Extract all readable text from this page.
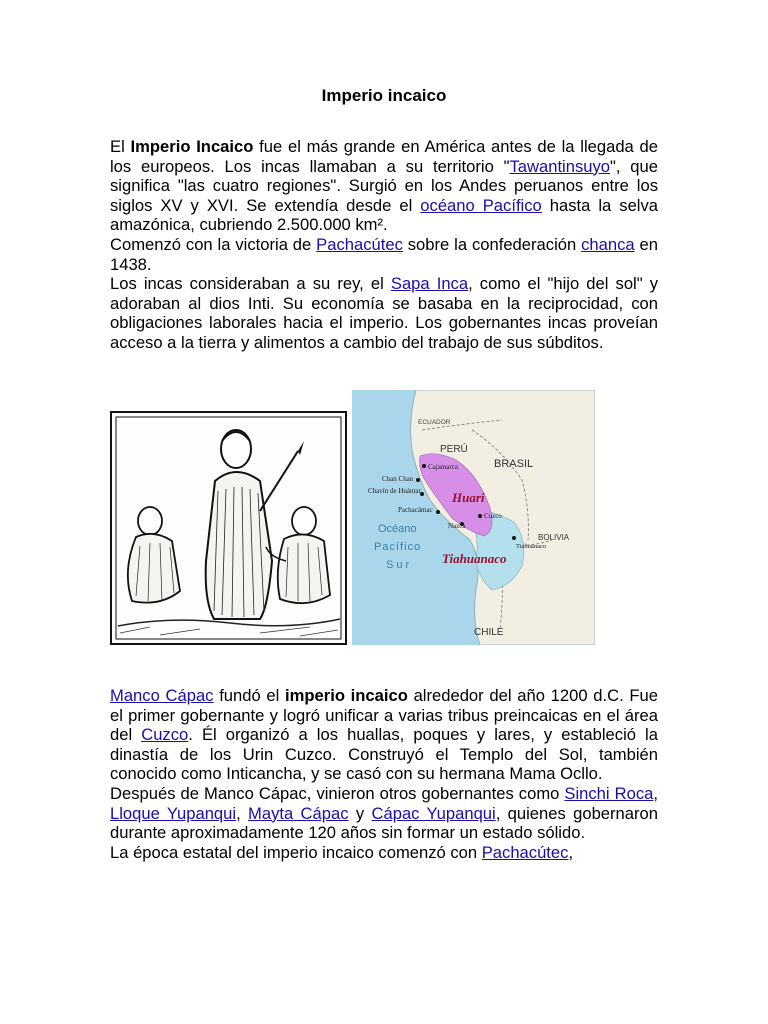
Imperio incaico

El Imperio Incaico fue el más grande en América antes de la llegada de los europeos. Los incas llamaban a su territorio "Tawantinsuyo", que significa "las cuatro regiones". Surgió en los Andes peruanos entre los siglos XV y XVI. Se extendía desde el océano Pacífico hasta la selva amazónica, cubriendo 2.500.000 km².

Comenzó con la victoria de Pachacútec sobre la confederación chanca en 1438.

Los incas consideraban a su rey, el Sapa Inca, como el "hijo del sol" y adoraban al dios Inti. Su economía se basaba en la reciprocidad, con obligaciones laborales hacia el imperio. Los gobernantes incas proveían acceso a la tierra y alimentos a cambio del trabajo de sus súbditos.

ECUADOR
PERÚ
BRASIL
BOLIVIA
CHILE
Cajamarca
Chan Chan
Chavín de Huántar Huari
Pachacámac
Cuzco
Nazca
Tiahuanaco
Tiahuanaco
Océano
Pacífico
Sur

Manco Cápac fundó el imperio incaico alrededor del año 1200 d.C. Fue el primer gobernante y logró unificar a varias tribus preincaicas en el área del Cuzco. Él organizó a los huallas, poques y lares, y estableció la dinastía de los Urin Cuzco. Construyó el Templo del Sol, también conocido como Inticancha, y se casó con su hermana Mama Ocllo.

Después de Manco Cápac, vinieron otros gobernantes como Sinchi Roca, Lloque Yupanqui, Mayta Cápac y Cápac Yupanqui, quienes gobernaron durante aproximadamente 120 años sin formar un estado sólido.

La época estatal del imperio incaico comenzó con Pachacútec,
